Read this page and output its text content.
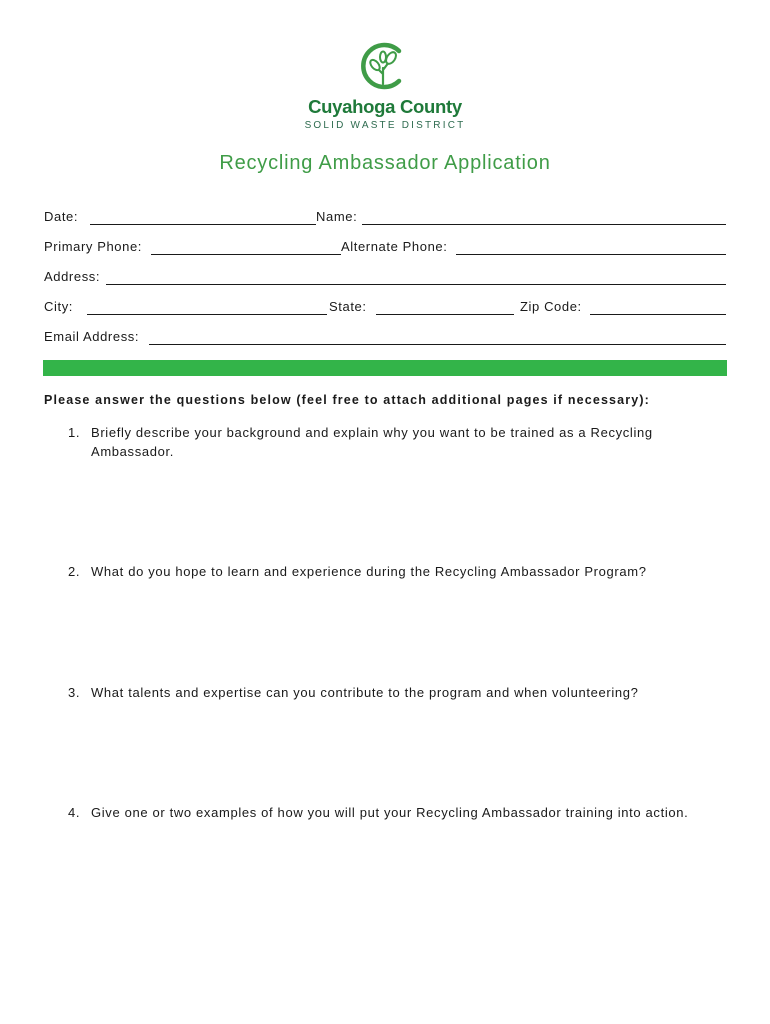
Cuyahoga County
SOLID WASTE DISTRICT
Recycling Ambassador Application
Date:	Name:
Primary Phone:	Alternate Phone:
Address:
City:	State:	Zip Code:
Email Address:
Please answer the questions below (feel free to attach additional pages if necessary):
1. Briefly describe your background and explain why you want to be trained as a Recycling Ambassador.
2. What do you hope to learn and experience during the Recycling Ambassador Program?
3. What talents and expertise can you contribute to the program and when volunteering?
4. Give one or two examples of how you will put your Recycling Ambassador training into action.
